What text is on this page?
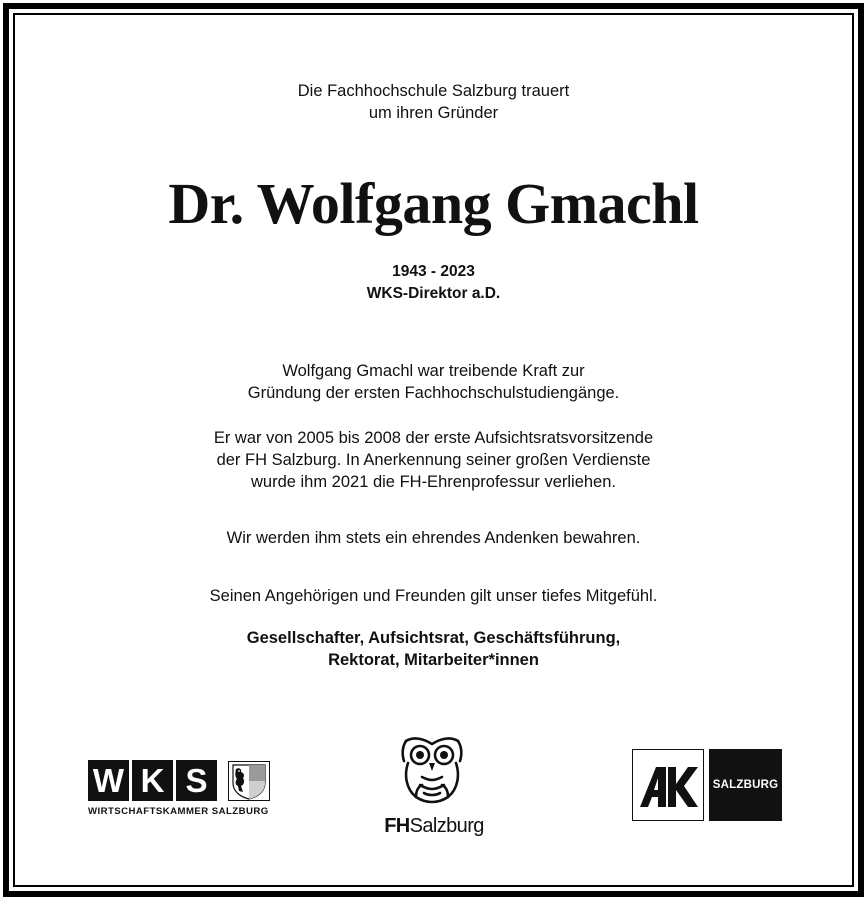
Die Fachhochschule Salzburg trauert
um ihren Gründer
Dr. Wolfgang Gmachl
1943 - 2023
WKS-Direktor a.D.
Wolfgang Gmachl war treibende Kraft zur
Gründung der ersten Fachhochschulstudiengänge.
Er war von 2005 bis 2008 der erste Aufsichtsratsvorsitzende
der FH Salzburg. In Anerkennung seiner großen Verdienste
wurde ihm 2021 die FH-Ehrenprofessur verliehen.
Wir werden ihm stets ein ehrendes Andenken bewahren.
Seinen Angehörigen und Freunden gilt unser tiefes Mitgefühl.
Gesellschafter, Aufsichtsrat, Geschäftsführung,
Rektorat, Mitarbeiter*innen
W K S
WIRTSCHAFTSKAMMER SALZBURG
FHSalzburg
SALZBURG
